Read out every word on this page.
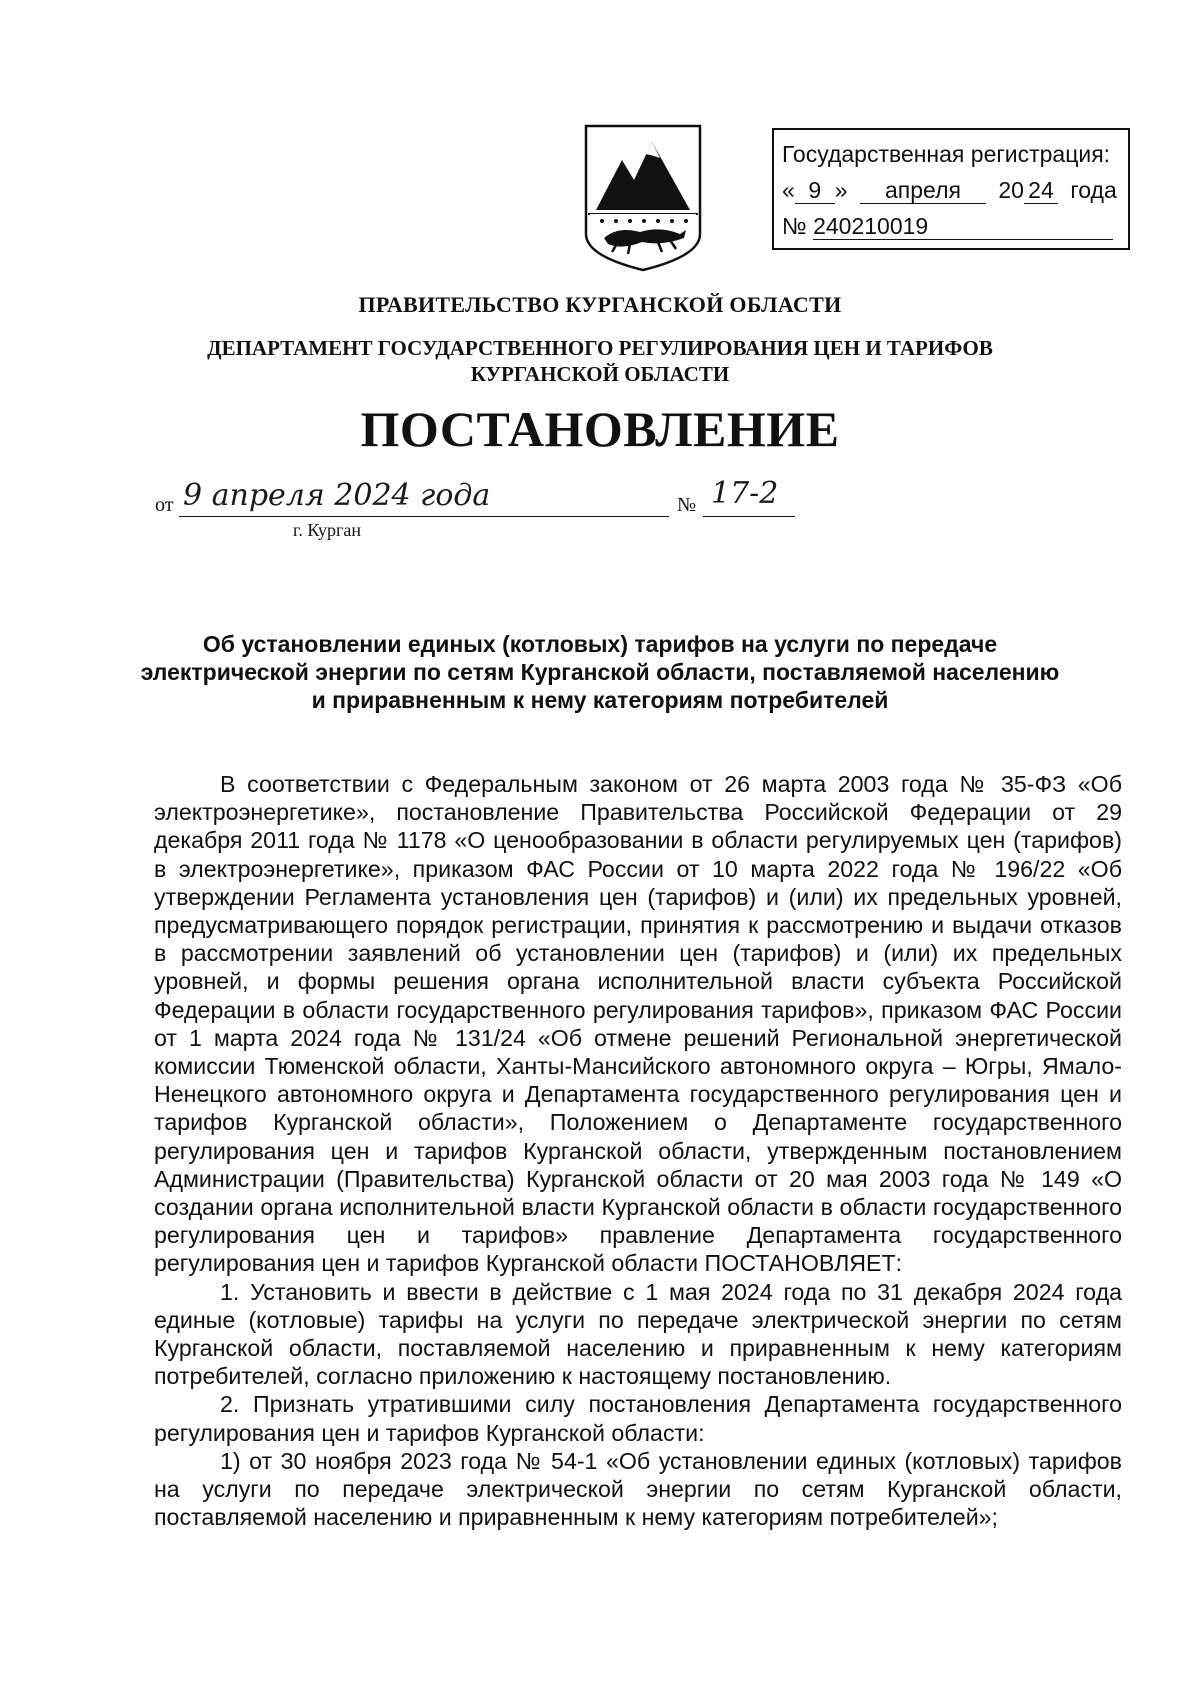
Государственная регистрация:
« 9 » апреля 20 24 года
№ 240210019
ПРАВИТЕЛЬСТВО КУРГАНСКОЙ ОБЛАСТИ
ДЕПАРТАМЕНТ ГОСУДАРСТВЕННОГО РЕГУЛИРОВАНИЯ ЦЕН И ТАРИФОВ
КУРГАНСКОЙ ОБЛАСТИ
ПОСТАНОВЛЕНИЕ
от 9 апреля 2024 года	№ 17-2
г. Курган
Об установлении единых (котловых) тарифов на услуги по передаче электрической энергии по сетям Курганской области, поставляемой населению и приравненным к нему категориям потребителей

В соответствии с Федеральным законом от 26 марта 2003 года № 35-ФЗ «Об электроэнергетике», постановление Правительства Российской Федерации от 29 декабря 2011 года № 1178 «О ценообразовании в области регулируемых цен (тарифов) в электроэнергетике», приказом ФАС России от 10 марта 2022 года № 196/22 «Об утверждении Регламента установления цен (тарифов) и (или) их предельных уровней, предусматривающего порядок регистрации, принятия к рассмотрению и выдачи отказов в рассмотрении заявлений об установлении цен (тарифов) и (или) их предельных уровней, и формы решения органа исполнительной власти субъекта Российской Федерации в области государственного регулирования тарифов», приказом ФАС России от 1 марта 2024 года № 131/24 «Об отмене решений Региональной энергетической комиссии Тюменской области, Ханты-Мансийского автономного округа – Югры, Ямало-Ненецкого автономного округа и Департамента государственного регулирования цен и тарифов Курганской области», Положением о Департаменте государственного регулирования цен и тарифов Курганской области, утвержденным постановлением Администрации (Правительства) Курганской области от 20 мая 2003 года № 149 «О создании органа исполнительной власти Курганской области в области государственного регулирования цен и тарифов» правление Департамента государственного регулирования цен и тарифов Курганской области ПОСТАНОВЛЯЕТ:

1. Установить и ввести в действие с 1 мая 2024 года по 31 декабря 2024 года единые (котловые) тарифы на услуги по передаче электрической энергии по сетям Курганской области, поставляемой населению и приравненным к нему категориям потребителей, согласно приложению к настоящему постановлению.

2. Признать утратившими силу постановления Департамента государственного регулирования цен и тарифов Курганской области:

1) от 30 ноября 2023 года № 54-1 «Об установлении единых (котловых) тарифов на услуги по передаче электрической энергии по сетям Курганской области, поставляемой населению и приравненным к нему категориям потребителей»;
